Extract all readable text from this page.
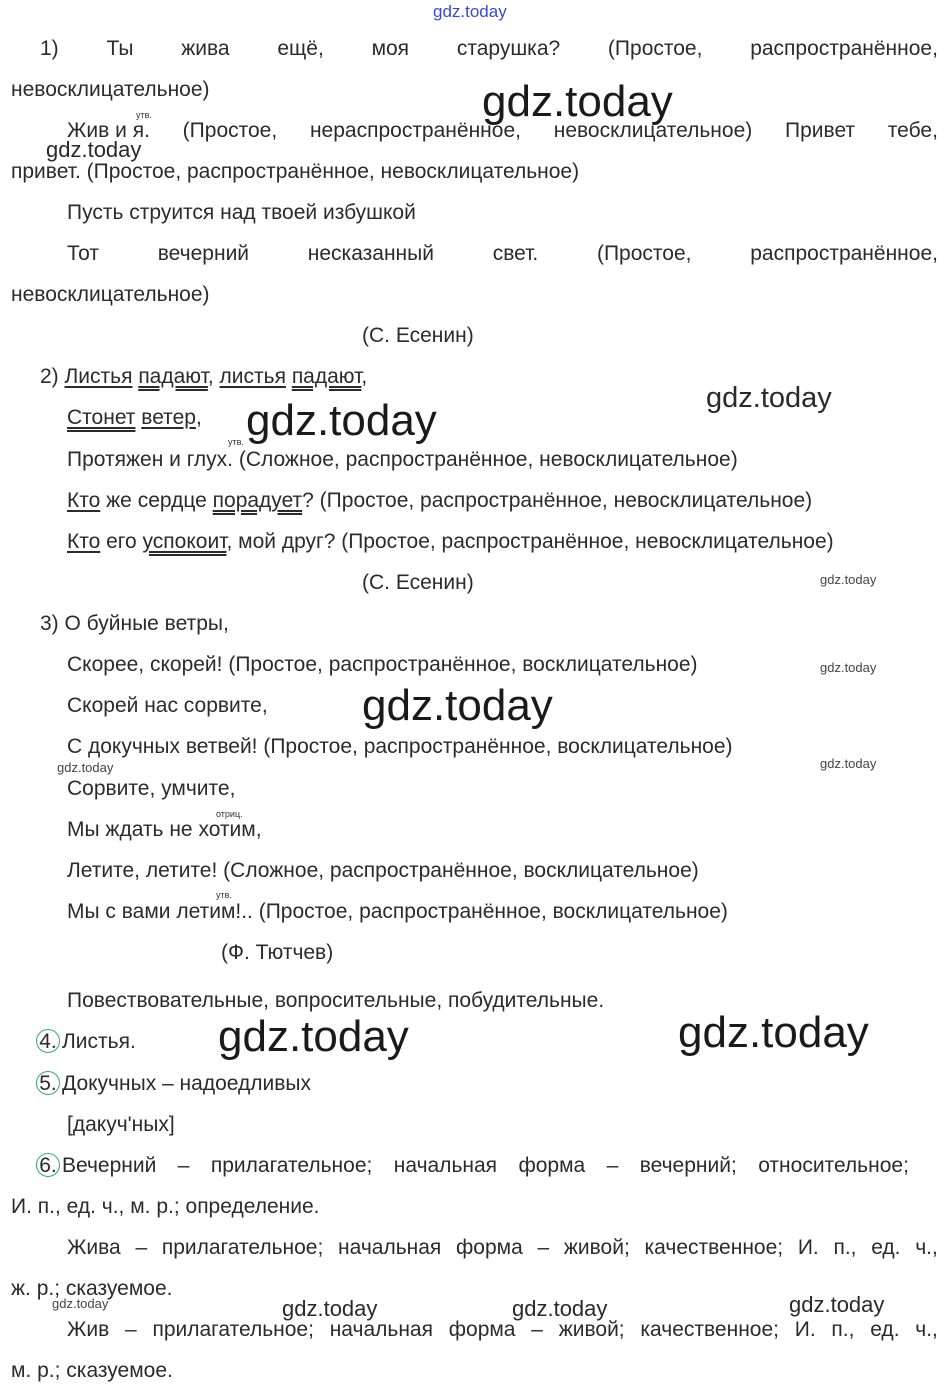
gdz.today
gdz.today
gdz.today
gdz.today	gdz.today
gdz.today
gdz.today
gdz.today
gdz.today
gdz.today
gdz.today	gdz.today
gdz.today	gdz.today	gdz.today	gdz.today
утв.
утв.
отриц.
утв.
1) Ты жива ещё, моя старушка? (Простое, распространённое,
невосклицательное)
Жив и я. (Простое, нераспространённое, невосклицательное) Привет тебе,
привет. (Простое, распространённое, невосклицательное)
Пусть струится над твоей избушкой
Тот	вечерний	несказанный	свет.	(Простое,	распространённое,
невосклицательное)
(С. Есенин)
2) Листья падают, листья падают,
Стонет ветер,
Протяжен и глух. (Сложное, распространённое, невосклицательное)
Кто же сердце порадует? (Простое, распространённое, невосклицательное)
Кто его успокоит, мой друг? (Простое, распространённое, невосклицательное)
(С. Есенин)
3) О буйные ветры,
Скорее, скорей! (Простое, распространённое, восклицательное)
Скорей нас сорвите,
С докучных ветвей! (Простое, распространённое, восклицательное)
Сорвите, умчите,
Мы ждать не хотим,
Летите, летите! (Сложное, распространённое, восклицательное)
Мы с вами летим!.. (Простое, распространённое, восклицательное)
(Ф. Тютчев)
Повествовательные, вопросительные, побудительные.
4. Листья.
5. Докучных – надоедливых
[дакуч'ных]
6. Вечерний – прилагательное; начальная форма – вечерний; относительное;
И. п., ед. ч., м. р.; определение.
Жива – прилагательное; начальная форма – живой; качественное; И. п., ед. ч.,
ж. р.; сказуемое.
Жив – прилагательное; начальная форма – живой; качественное; И. п., ед. ч.,
м. р.; сказуемое.
